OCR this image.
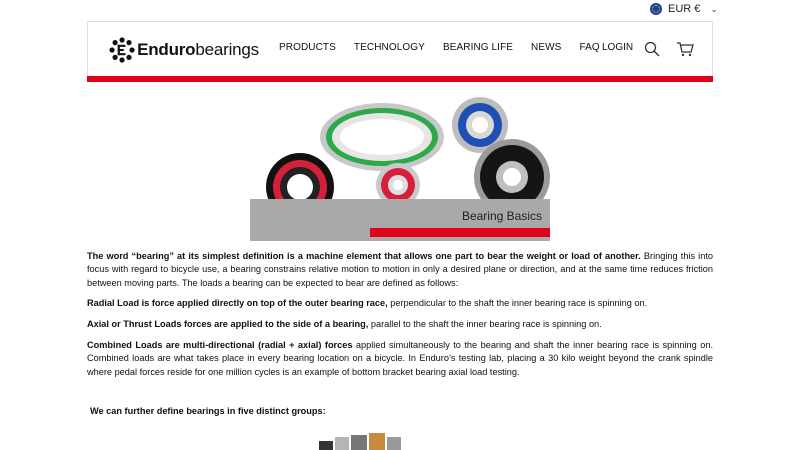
EUR € ⌄
Endurobearings PRODUCTS TECHNOLOGY BEARING LIFE NEWS FAQ LOGIN
Bearing Basics

The word “bearing” at its simplest definition is a machine element that allows one part to bear the weight or load of another. Bringing this into focus with regard to bicycle use, a bearing constrains relative motion to motion in only a desired plane or direction, and at the same time reduces friction between moving parts. The loads a bearing can be expected to bear are defined as follows:

Radial Load is force applied directly on top of the outer bearing race, perpendicular to the shaft the inner bearing race is spinning on.

Axial or Thrust Loads forces are applied to the side of a bearing, parallel to the shaft the inner bearing race is spinning on.

Combined Loads are multi-directional (radial + axial) forces applied simultaneously to the bearing and shaft the inner bearing race is spinning on. Combined loads are what takes place in every bearing location on a bicycle. In Enduro’s testing lab, placing a 30 kilo weight beyond the crank spindle where pedal forces reside for one million cycles is an example of bottom bracket bearing axial load testing.

We can further define bearings in five distinct groups:
